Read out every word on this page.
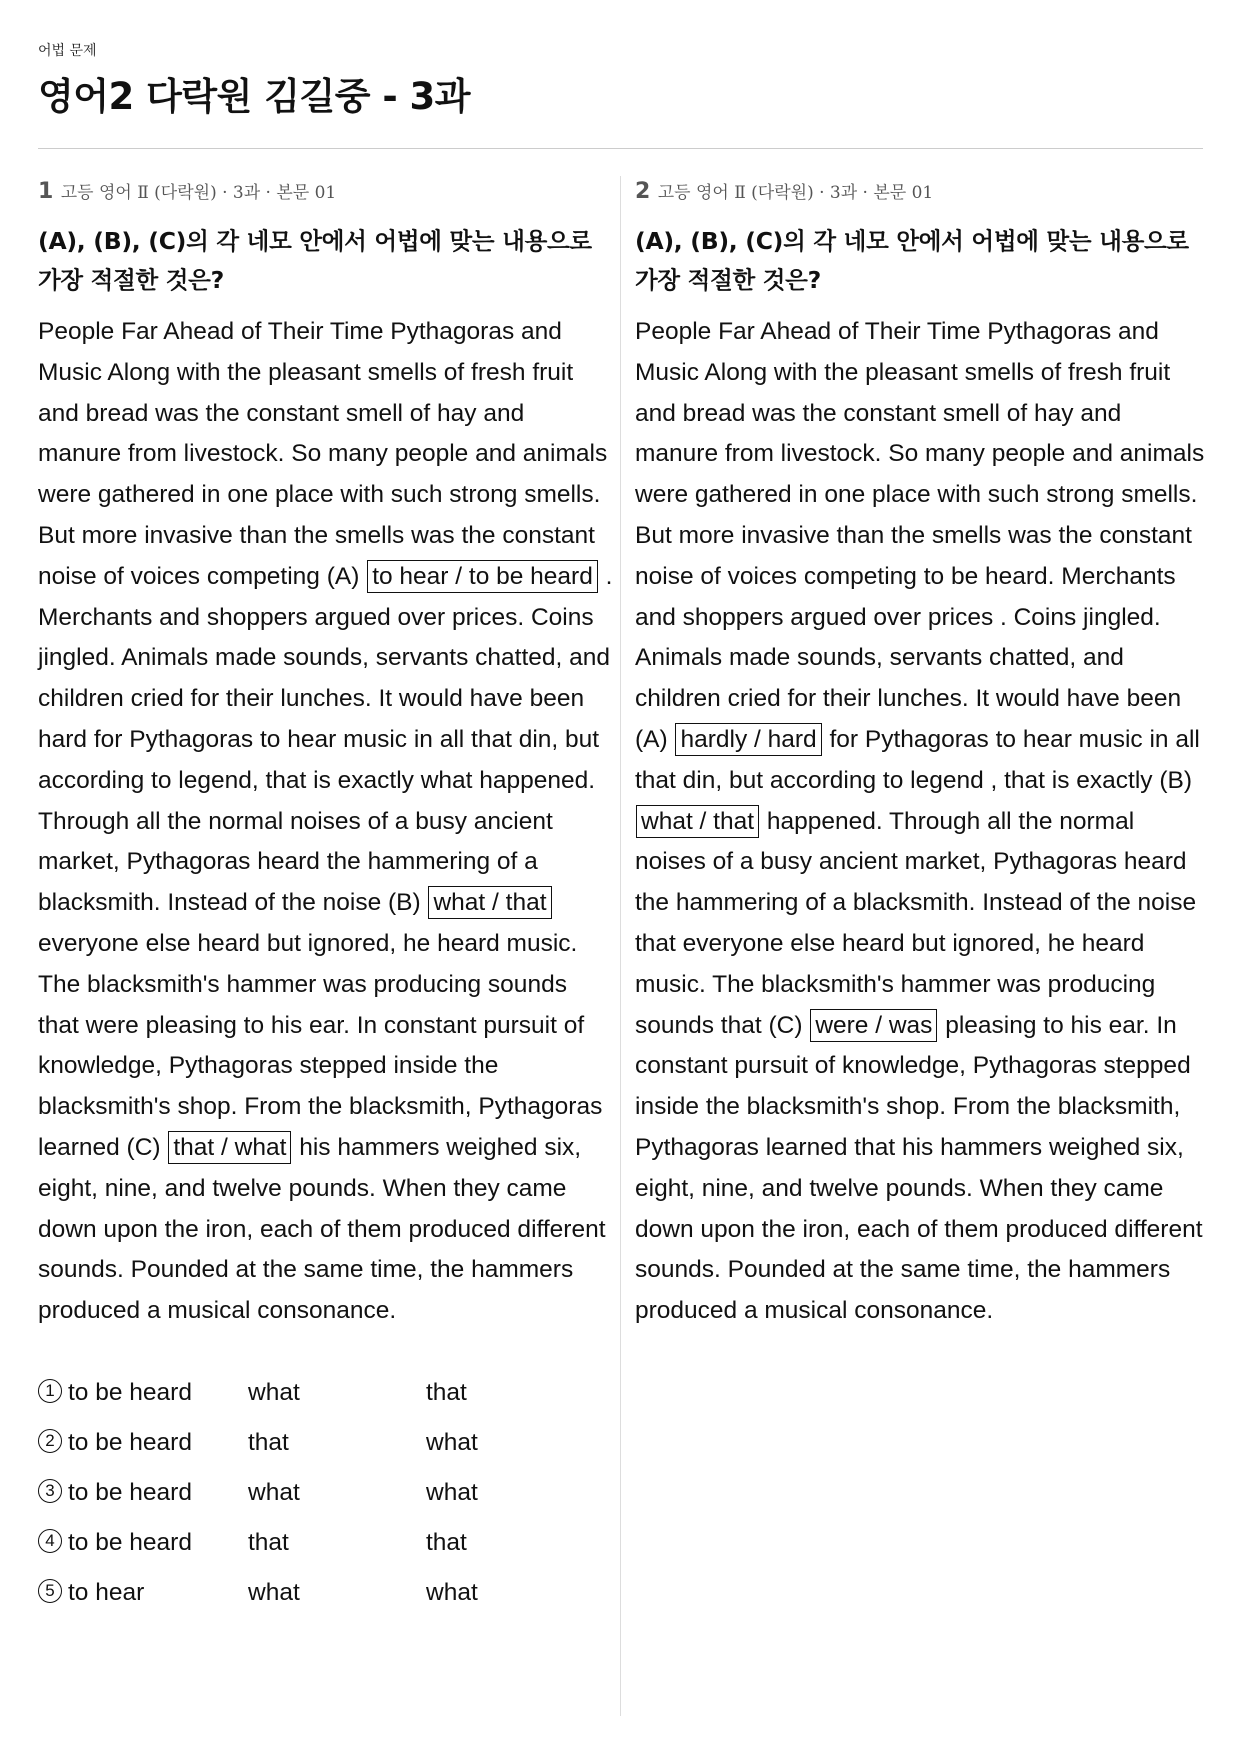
어법 문제
영어2 다락원 김길중 - 3과
1 고등 영어 Ⅱ (다락원) · 3과 · 본문 01
(A), (B), (C)의 각 네모 안에서 어법에 맞는 내용으로
가장 적절한 것은?
People Far Ahead of Their Time Pythagoras and Music Along with the pleasant smells of fresh fruit and bread was the constant smell of hay and manure from livestock. So many people and animals were gathered in one place with such strong smells. But more invasive than the smells was the constant noise of voices competing (A) to hear / to be heard . Merchants and shoppers argued over prices. Coins jingled. Animals made sounds, servants chatted, and children cried for their lunches. It would have been hard for Pythagoras to hear music in all that din, but according to legend, that is exactly what happened. Through all the normal noises of a busy ancient market, Pythagoras heard the hammering of a blacksmith. Instead of the noise (B) what / that everyone else heard but ignored, he heard music. The blacksmith's hammer was producing sounds that were pleasing to his ear. In constant pursuit of knowledge, Pythagoras stepped inside the blacksmith's shop. From the blacksmith, Pythagoras learned (C) that / what his hammers weighed six, eight, nine, and twelve pounds. When they came down upon the iron, each of them produced different sounds. Pounded at the same time, the hammers produced a musical consonance.
1 to be heard	what	that
2 to be heard	that	what
3 to be heard	what	what
4 to be heard	that	that
5 to hear	what	what
2 고등 영어 Ⅱ (다락원) · 3과 · 본문 01
(A), (B), (C)의 각 네모 안에서 어법에 맞는 내용으로
가장 적절한 것은?
People Far Ahead of Their Time Pythagoras and Music Along with the pleasant smells of fresh fruit and bread was the constant smell of hay and manure from livestock. So many people and animals were gathered in one place with such strong smells. But more invasive than the smells was the constant noise of voices competing to be heard. Merchants and shoppers argued over prices . Coins jingled. Animals made sounds, servants chatted, and children cried for their lunches. It would have been (A) hardly / hard for Pythagoras to hear music in all that din, but according to legend , that is exactly (B) what / that happened. Through all the normal noises of a busy ancient market, Pythagoras heard the hammering of a blacksmith. Instead of the noise that everyone else heard but ignored, he heard music. The blacksmith's hammer was producing sounds that (C) were / was pleasing to his ear. In constant pursuit of knowledge, Pythagoras stepped inside the blacksmith's shop. From the blacksmith, Pythagoras learned that his hammers weighed six, eight, nine, and twelve pounds. When they came down upon the iron, each of them produced different sounds. Pounded at the same time, the hammers produced a musical consonance.
